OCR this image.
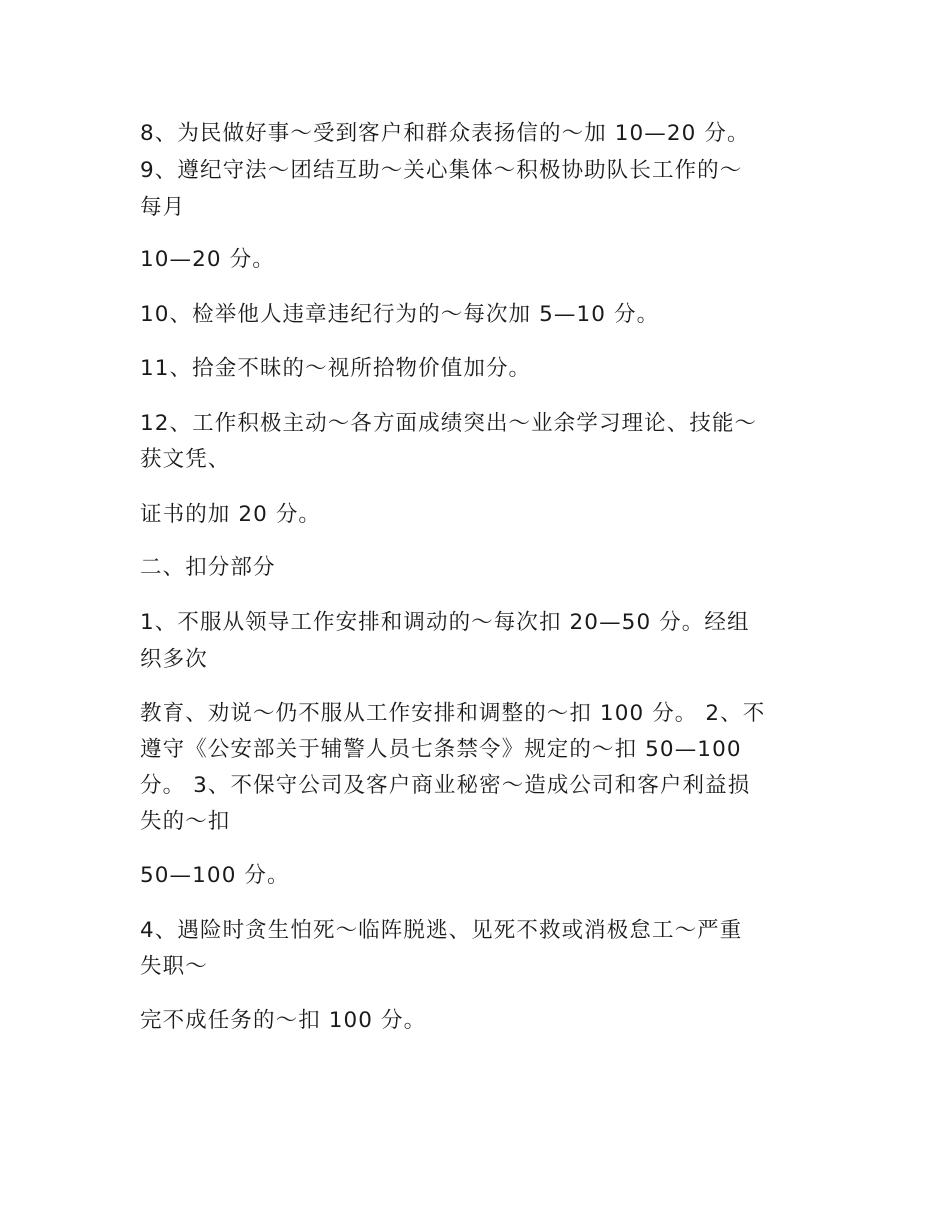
8、为民做好事～受到客户和群众表扬信的～加 10—20 分。

9、遵纪守法～团结互助～关心集体～积极协助队长工作的～

每月

10—20 分。

10、检举他人违章违纪行为的～每次加 5—10 分。

11、拾金不昧的～视所拾物价值加分。

12、工作积极主动～各方面成绩突出～业余学习理论、技能～

获文凭、

证书的加 20 分。

二、扣分部分

1、不服从领导工作安排和调动的～每次扣 20—50 分。经组

织多次

教育、劝说～仍不服从工作安排和调整的～扣 100 分。 2、不

遵守《公安部关于辅警人员七条禁令》规定的～扣 50—100

分。 3、不保守公司及客户商业秘密～造成公司和客户利益损

失的～扣

50—100 分。

4、遇险时贪生怕死～临阵脱逃、见死不救或消极怠工～严重

失职～

完不成任务的～扣 100 分。
